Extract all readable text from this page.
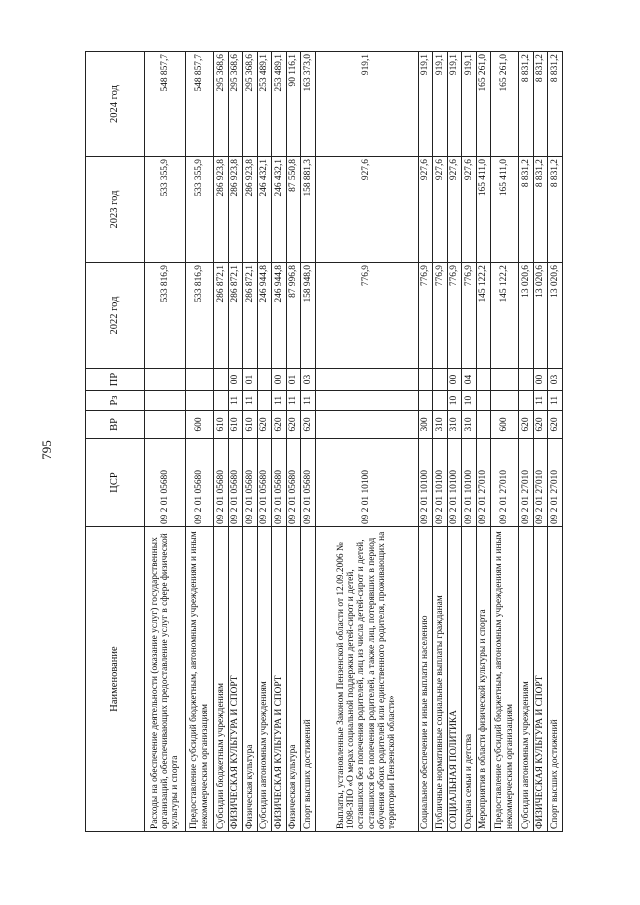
795
Наименование	ЦСР	ВР	Рз	ПР	2022 год	2023 год	2024 год
Расходы на обеспечение деятельности (оказание услуг) государственных организаций, обеспечивающих предоставление услуг в сфере физической культуры и спорта	09 2 01 05680				533 816,9	533 355,9	548 857,7
Предоставление субсидий бюджетным, автономным учреждениям и иным некоммерческим организациям	09 2 01 05680	600			533 816,9	533 355,9	548 857,7
Субсидии бюджетным учреждениям	09 2 01 05680	610			286 872,1	286 923,8	295 368,6
ФИЗИЧЕСКАЯ КУЛЬТУРА И СПОРТ	09 2 01 05680	610	11	00	286 872,1	286 923,8	295 368,6
Физическая культура	09 2 01 05680	610	11	01	286 872,1	286 923,8	295 368,6
Субсидии автономным учреждениям	09 2 01 05680	620			246 944,8	246 432,1	253 489,1
ФИЗИЧЕСКАЯ КУЛЬТУРА И СПОРТ	09 2 01 05680	620	11	00	246 944,8	246 432,1	253 489,1
Физическая культура	09 2 01 05680	620	11	01	87 996,8	87 550,8	90 116,1
Спорт высших достижений	09 2 01 05680	620	11	03	158 948,0	158 881,3	163 373,0
Выплаты, установленные Законом Пензенской области от 12.09.2006 № 1098-ЗПО «О мерах социальной поддержки детей-сирот и детей, оставшихся без попечения родителей, лиц из числа детей-сирот и детей, оставшихся без попечения родителей, а также лиц, потерявших в период обучения обоих родителей или единственного родителя, проживающих на территории Пензенской области»	09 2 01 10100				776,9	927,6	919,1
Социальное обеспечение и иные выплаты населению	09 2 01 10100	300			776,9	927,6	919,1
Публичные нормативные социальные выплаты гражданам	09 2 01 10100	310			776,9	927,6	919,1
СОЦИАЛЬНАЯ ПОЛИТИКА	09 2 01 10100	310	10	00	776,9	927,6	919,1
Охрана семьи и детства	09 2 01 10100	310	10	04	776,9	927,6	919,1
Мероприятия в области физической культуры и спорта	09 2 01 27010				145 122,2	165 411,0	165 261,0
Предоставление субсидий бюджетным, автономным учреждениям и иным некоммерческим организациям	09 2 01 27010	600			145 122,2	165 411,0	165 261,0
Субсидии автономным учреждениям	09 2 01 27010	620			13 020,6	8 831,2	8 831,2
ФИЗИЧЕСКАЯ КУЛЬТУРА И СПОРТ	09 2 01 27010	620	11	00	13 020,6	8 831,2	8 831,2
Спорт высших достижений	09 2 01 27010	620	11	03	13 020,6	8 831,2	8 831,2
